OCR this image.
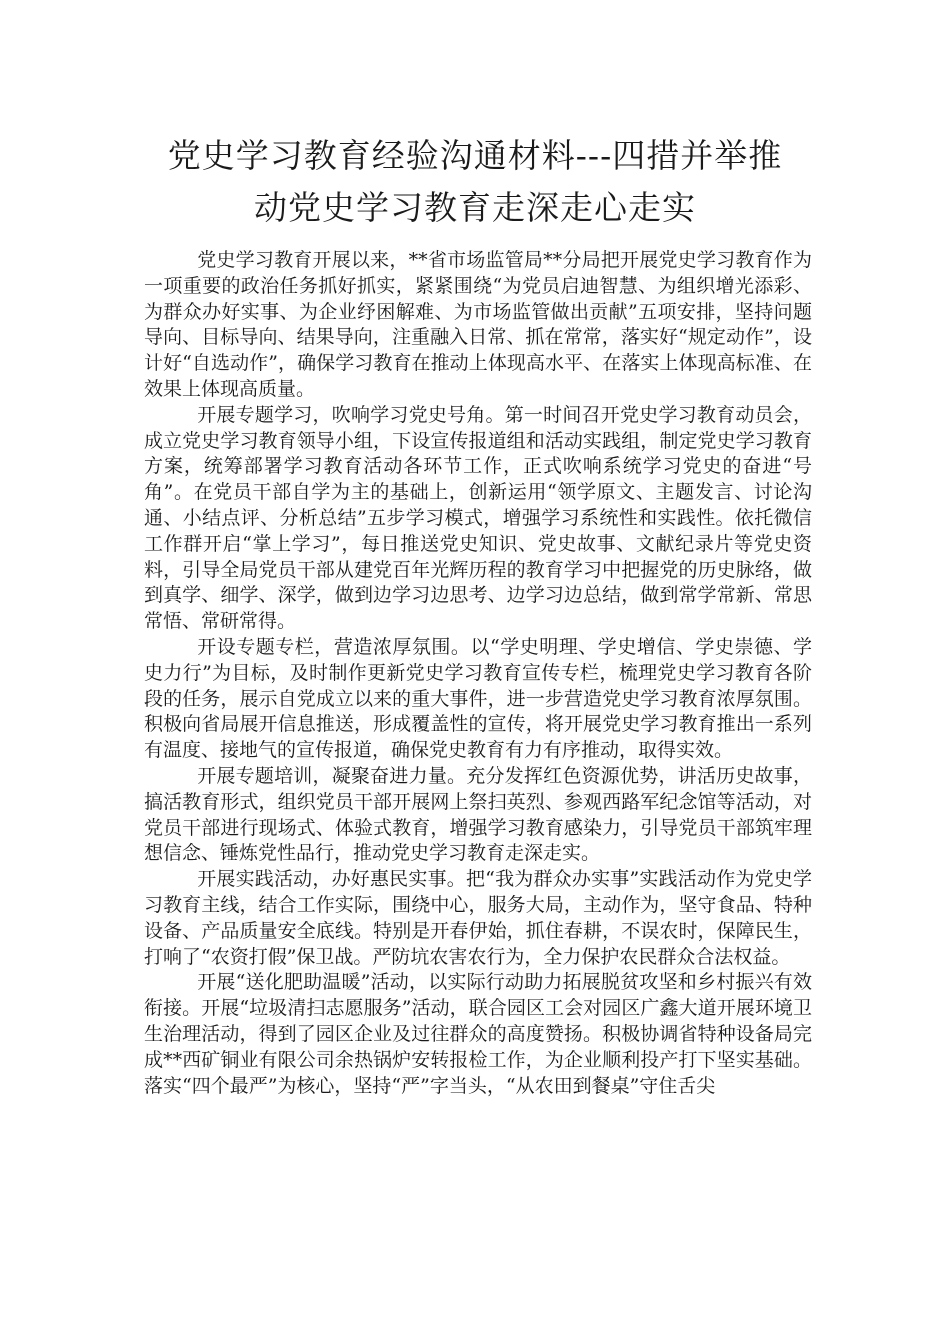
党史学习教育经验沟通材料---四措并举推
动党史学习教育走深走心走实

党史学习教育开展以来，**省市场监管局**分局把开展党史学习教育作为一项重要的政治任务抓好抓实，紧紧围绕“为党员启迪智慧、为组织增光添彩、为群众办好实事、为企业纾困解难、为市场监管做出贡献”五项安排，坚持问题导向、目标导向、结果导向，注重融入日常、抓在常常，落实好“规定动作”，设计好“自选动作”，确保学习教育在推动上体现高水平、在落实上体现高标准、在效果上体现高质量。

开展专题学习，吹响学习党史号角。第一时间召开党史学习教育动员会，成立党史学习教育领导小组，下设宣传报道组和活动实践组，制定党史学习教育方案，统筹部署学习教育活动各环节工作，正式吹响系统学习党史的奋进“号角”。在党员干部自学为主的基础上，创新运用“领学原文、主题发言、讨论沟通、小结点评、分析总结”五步学习模式，增强学习系统性和实践性。依托微信工作群开启“掌上学习”，每日推送党史知识、党史故事、文献纪录片等党史资料，引导全局党员干部从建党百年光辉历程的教育学习中把握党的历史脉络，做到真学、细学、深学，做到边学习边思考、边学习边总结，做到常学常新、常思常悟、常研常得。

开设专题专栏，营造浓厚氛围。以“学史明理、学史增信、学史崇德、学史力行”为目标，及时制作更新党史学习教育宣传专栏，梳理党史学习教育各阶段的任务，展示自党成立以来的重大事件，进一步营造党史学习教育浓厚氛围。积极向省局展开信息推送，形成覆盖性的宣传，将开展党史学习教育推出一系列有温度、接地气的宣传报道，确保党史教育有力有序推动，取得实效。

开展专题培训，凝聚奋进力量。充分发挥红色资源优势，讲活历史故事，搞活教育形式，组织党员干部开展网上祭扫英烈、参观西路军纪念馆等活动，对党员干部进行现场式、体验式教育，增强学习教育感染力，引导党员干部筑牢理想信念、锤炼党性品行，推动党史学习教育走深走实。

开展实践活动，办好惠民实事。把“我为群众办实事”实践活动作为党史学习教育主线，结合工作实际，围绕中心，服务大局，主动作为，坚守食品、特种设备、产品质量安全底线。特别是开春伊始，抓住春耕，不误农时，保障民生，打响了“农资打假”保卫战。严防坑农害农行为，全力保护农民群众合法权益。

开展“送化肥助温暖”活动，以实际行动助力拓展脱贫攻坚和乡村振兴有效衔接。开展“垃圾清扫志愿服务”活动，联合园区工会对园区广鑫大道开展环境卫生治理活动，得到了园区企业及过往群众的高度赞扬。积极协调省特种设备局完成**西矿铜业有限公司余热锅炉安转报检工作，为企业顺利投产打下坚实基础。落实“四个最严”为核心，坚持“严”字当头，“从农田到餐桌”守住舌尖
